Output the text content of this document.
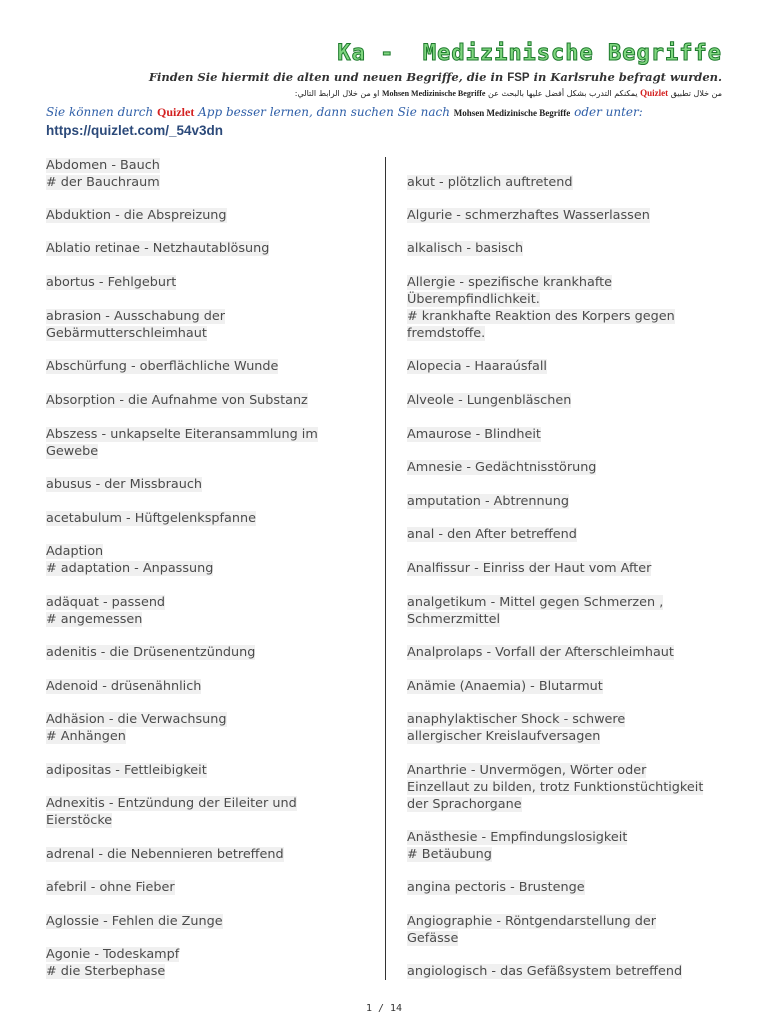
Ka -  Medizinische Begriffe
Finden Sie hiermit die alten und neuen Begriffe, die in FSP in Karlsruhe befragt wurden.
من خلال تطبيق Quizlet يمكنكم التدرب بشكل أفضل عليها بالبحث عن Mohsen Medizinische Begriffe او من خلال الرابط التالي:
Sie können durch Quizlet App besser lernen, dann suchen Sie nach Mohsen Medizinische Begriffe oder unter:
https://quizlet.com/_54v3dn
Abdomen - Bauch
# der Bauchraum
Abduktion - die Abspreizung
Ablatio retinae - Netzhautablösung
abortus - Fehlgeburt
abrasion - Ausschabung der
Gebärmutterschleimhaut
Abschürfung - oberflächliche Wunde
Absorption - die Aufnahme von Substanz
Abszess - unkapselte Eiteransammlung im
Gewebe
abusus - der Missbrauch
acetabulum - Hüftgelenkspfanne
Adaption
# adaptation - Anpassung
adäquat - passend
# angemessen
adenitis - die Drüsenentzündung
Adenoid - drüsenähnlich
Adhäsion - die Verwachsung
# Anhängen
adipositas - Fettleibigkeit
Adnexitis - Entzündung der Eileiter und
Eierstöcke
adrenal - die Nebennieren betreffend
afebril - ohne Fieber
Aglossie - Fehlen die Zunge
Agonie - Todeskampf
# die Sterbephase
akut - plötzlich auftretend
Algurie - schmerzhaftes Wasserlassen
alkalisch - basisch
Allergie - spezifische krankhafte
Überempfindlichkeit.
# krankhafte Reaktion des Korpers gegen
fremdstoffe.
Alopecia - Haaraúsfall
Alveole - Lungenbläschen
Amaurose - Blindheit
Amnesie - Gedächtnisstörung
amputation - Abtrennung
anal - den After betreffend
Analfissur - Einriss der Haut vom After
analgetikum - Mittel gegen Schmerzen ,
Schmerzmittel
Analprolaps - Vorfall der Afterschleimhaut
Anämie (Anaemia) - Blutarmut
anaphylaktischer Shock - schwere
allergischer Kreislaufversagen
Anarthrie - Unvermögen, Wörter oder
Einzellaut zu bilden, trotz Funktionstüchtigkeit
der Sprachorgane
Anästhesie - Empfindungslosigkeit
# Betäubung
angina pectoris - Brustenge
Angiographie - Röntgendarstellung der
Gefässe
angiologisch - das Gefäßsystem betreffend
1 / 14
